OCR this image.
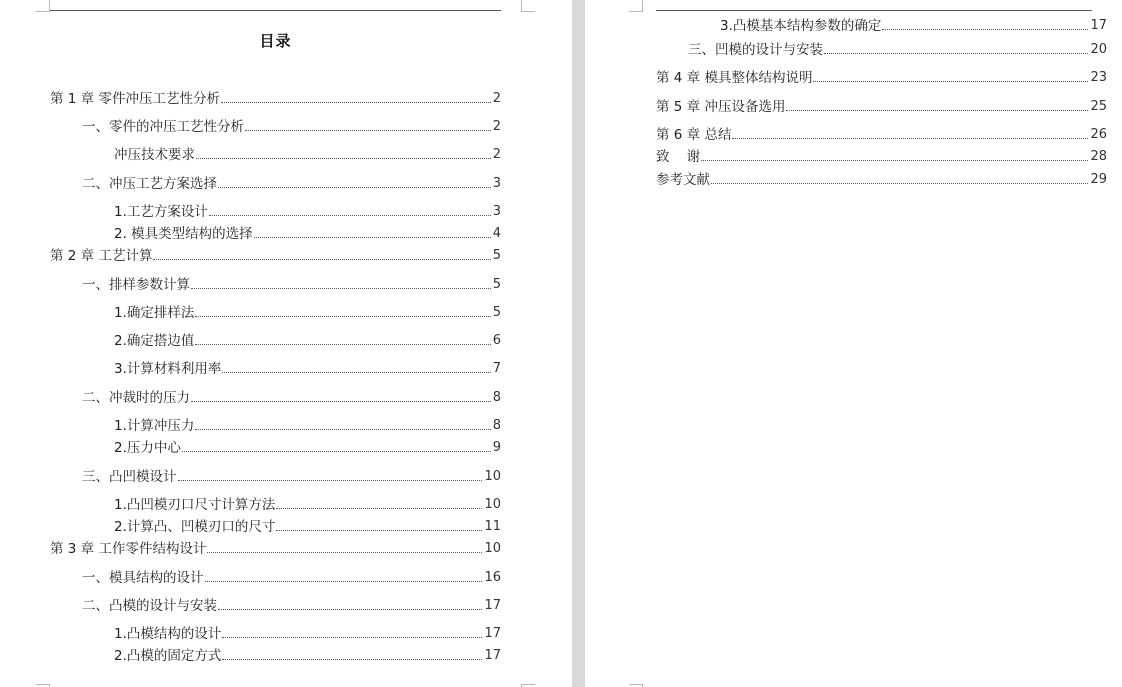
目录
第 1 章 零件冲压工艺性分析	2
一、零件的冲压工艺性分析	2
冲压技术要求	2
二、冲压工艺方案选择	3
1.工艺方案设计	3
2. 模具类型结构的选择	4
第 2 章 工艺计算	5
一、排样参数计算	5
1.确定排样法	5
2.确定搭边值	6
3.计算材料利用率	7
二、冲裁时的压力	8
1.计算冲压力	8
2.压力中心	9
三、凸凹模设计	10
1.凸凹模刃口尺寸计算方法	10
2.计算凸、凹模刃口的尺寸	11
第 3 章 工作零件结构设计	10
一、模具结构的设计	16
二、凸模的设计与安装	17
1.凸模结构的设计	17
2.凸模的固定方式	17
3.凸模基本结构参数的确定	17
三、凹模的设计与安装	20
第 4 章 模具整体结构说明	23
第 5 章 冲压设备选用	25
第 6 章 总结	26
致    谢	28
参考文献	29
